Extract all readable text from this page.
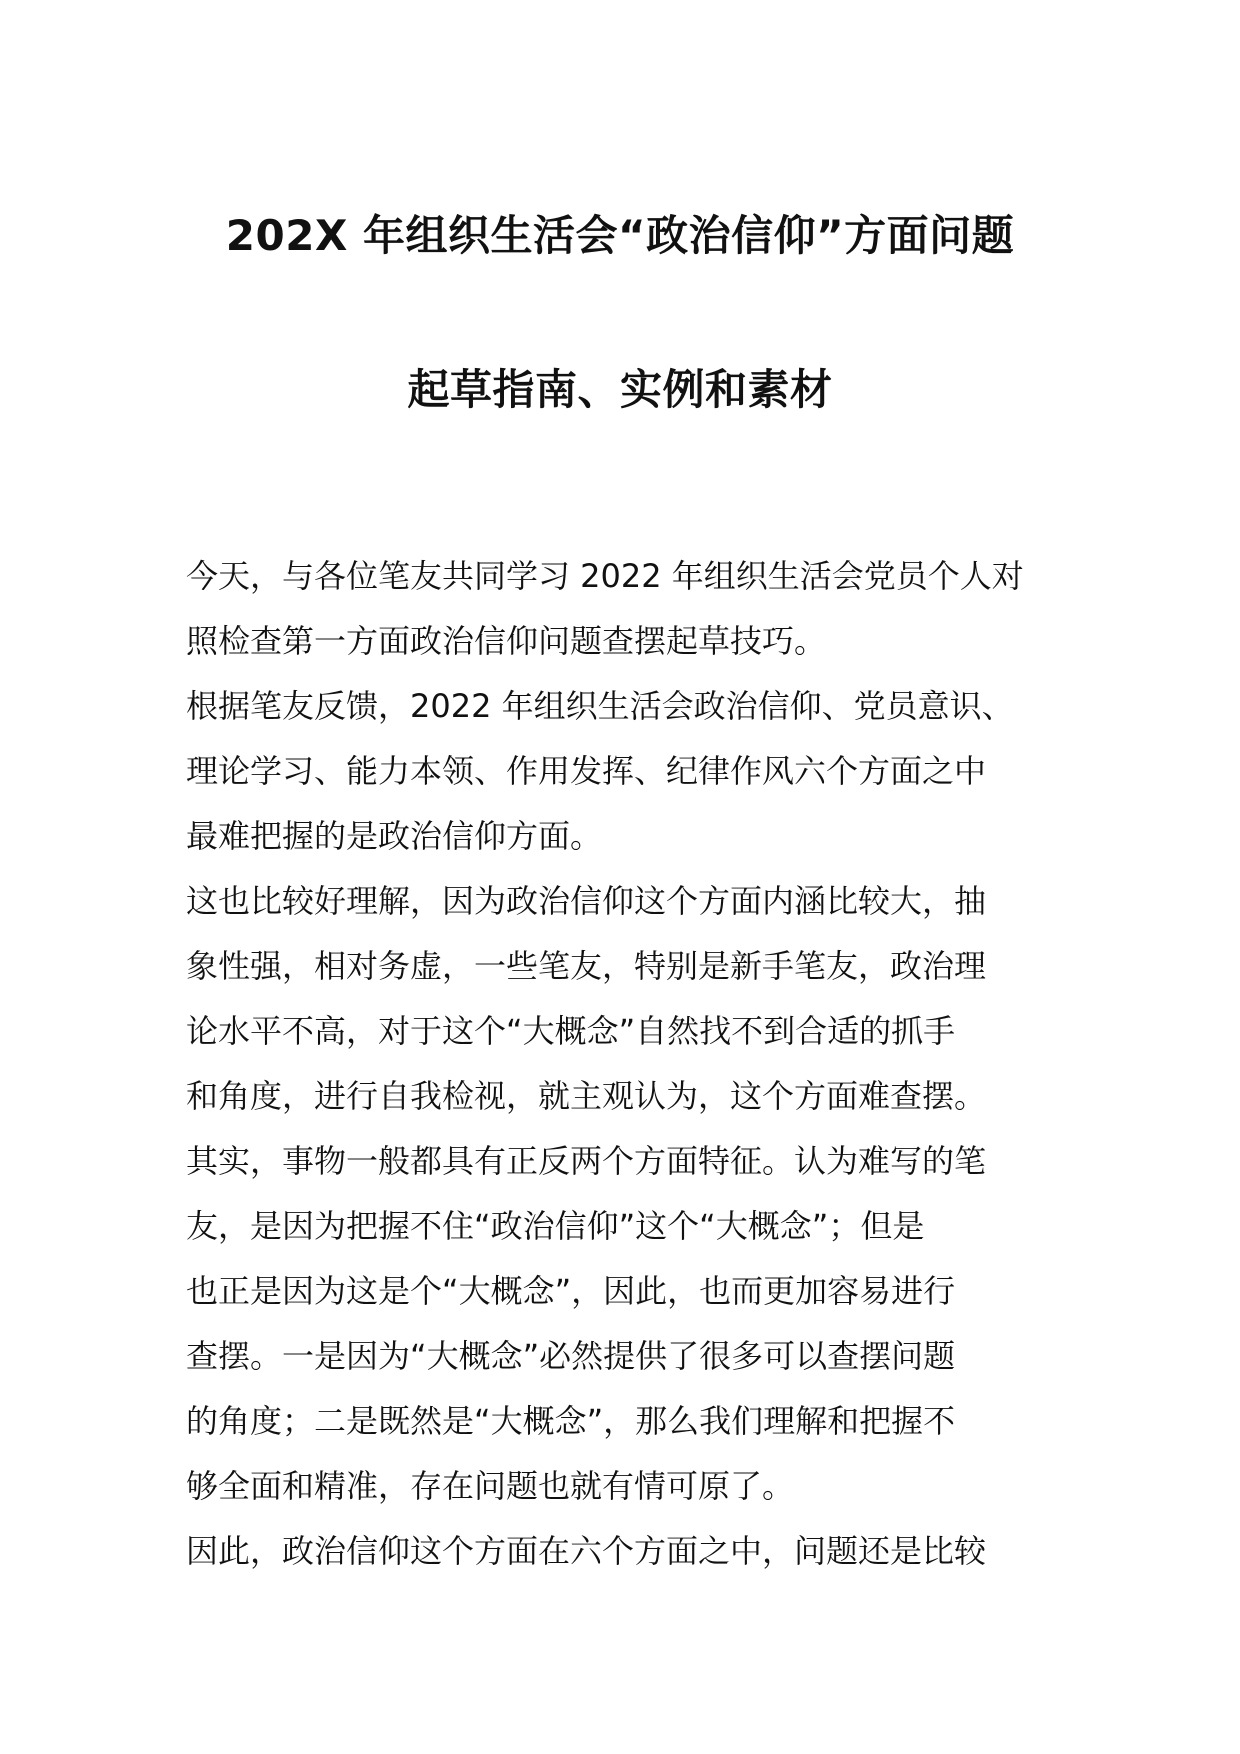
202X 年组织生活会“政治信仰”方面问题
起草指南、实例和素材
今天，与各位笔友共同学习 2022 年组织生活会党员个人对
照检查第一方面政治信仰问题查摆起草技巧。
根据笔友反馈，2022 年组织生活会政治信仰、党员意识、
理论学习、能力本领、作用发挥、纪律作风六个方面之中
最难把握的是政治信仰方面。
这也比较好理解，因为政治信仰这个方面内涵比较大，抽
象性强，相对务虚，一些笔友，特别是新手笔友，政治理
论水平不高，对于这个“大概念”自然找不到合适的抓手
和角度，进行自我检视，就主观认为，这个方面难查摆。
其实，事物一般都具有正反两个方面特征。认为难写的笔
友，是因为把握不住“政治信仰”这个“大概念”；但是
也正是因为这是个“大概念”，因此，也而更加容易进行
查摆。一是因为“大概念”必然提供了很多可以查摆问题
的角度；二是既然是“大概念”，那么我们理解和把握不
够全面和精准，存在问题也就有情可原了。
因此，政治信仰这个方面在六个方面之中，问题还是比较
